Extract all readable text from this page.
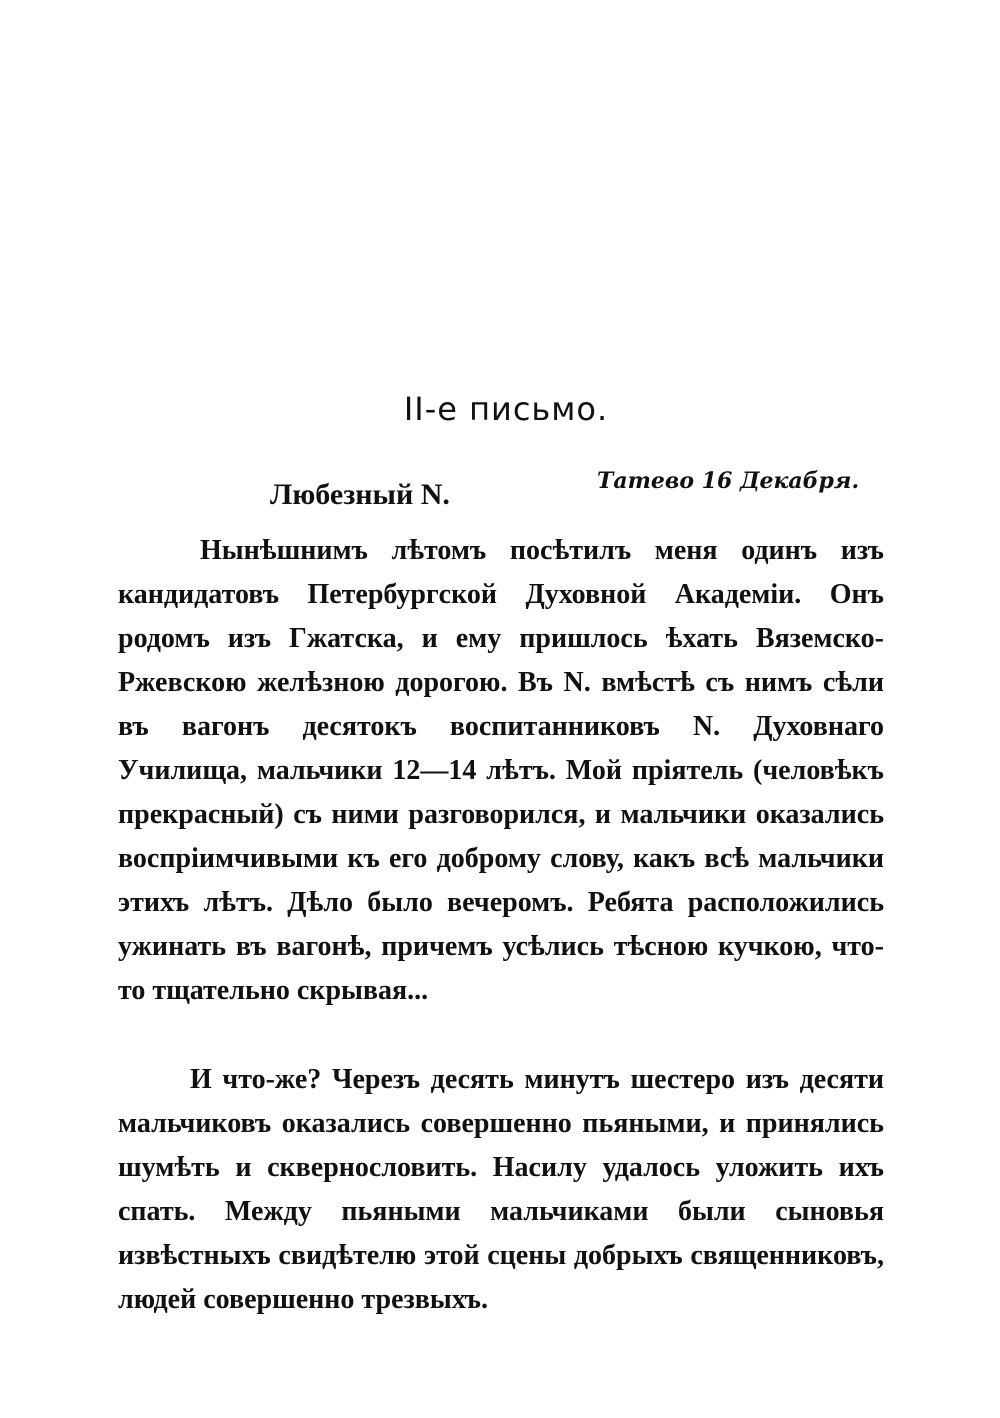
II-е письмо.
Любезный N.	Татево 16 Декабря.
Нынѣшнимъ лѣтомъ посѣтилъ меня одинъ изъ кандидатовъ Петербургской Духовной Академіи. Онъ родомъ изъ Гжатска, и ему пришлось ѣхать Вяземско-Ржевскою желѣзною дорогою. Въ N. вмѣстѣ съ нимъ сѣли въ вагонъ десятокъ воспитанниковъ N. Духовнаго Училища, мальчики 12—14 лѣтъ. Мой пріятель (человѣкъ прекрасный) съ ними разговорился, и мальчики оказались воспріимчивыми къ его доброму слову, какъ всѣ мальчики этихъ лѣтъ. Дѣло было вечеромъ. Ребята расположились ужинать въ вагонѣ, причемъ усѣлись тѣсною кучкою, что-то тщательно скрывая...
И что-же? Черезъ десять минутъ шестеро изъ десяти мальчиковъ оказались совершенно пьяными, и принялись шумѣть и сквернословить. Насилу удалось уложить ихъ спать. Между пьяными мальчиками были сыновья извѣстныхъ свидѣтелю этой сцены добрыхъ священниковъ, людей совершенно трезвыхъ.
